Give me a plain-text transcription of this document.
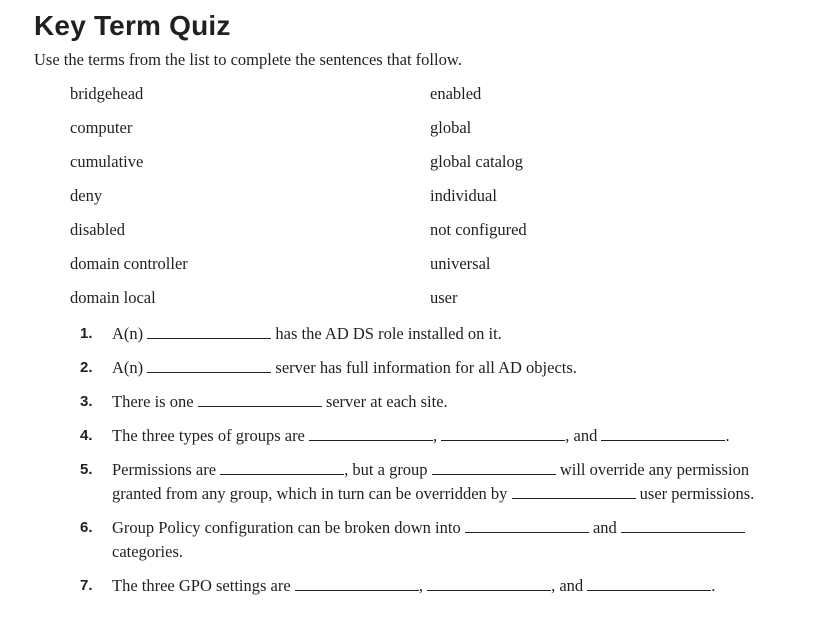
Key Term Quiz
Use the terms from the list to complete the sentences that follow.
bridgehead	enabled
computer	global
cumulative	global catalog
deny	individual
disabled	not configured
domain controller	universal
domain local	user
1. A(n)	has the AD DS role installed on it.
2. A(n)	server has full information for all AD objects.
3. There is one	server at each site.
4. The three types of groups are	,	, and	.
5. Permissions are	, but a group	will override any permission granted from any group, which in turn can be overridden by	user permissions.
6. Group Policy configuration can be broken down into	and  categories.
7. The three GPO settings are	,	, and	.
